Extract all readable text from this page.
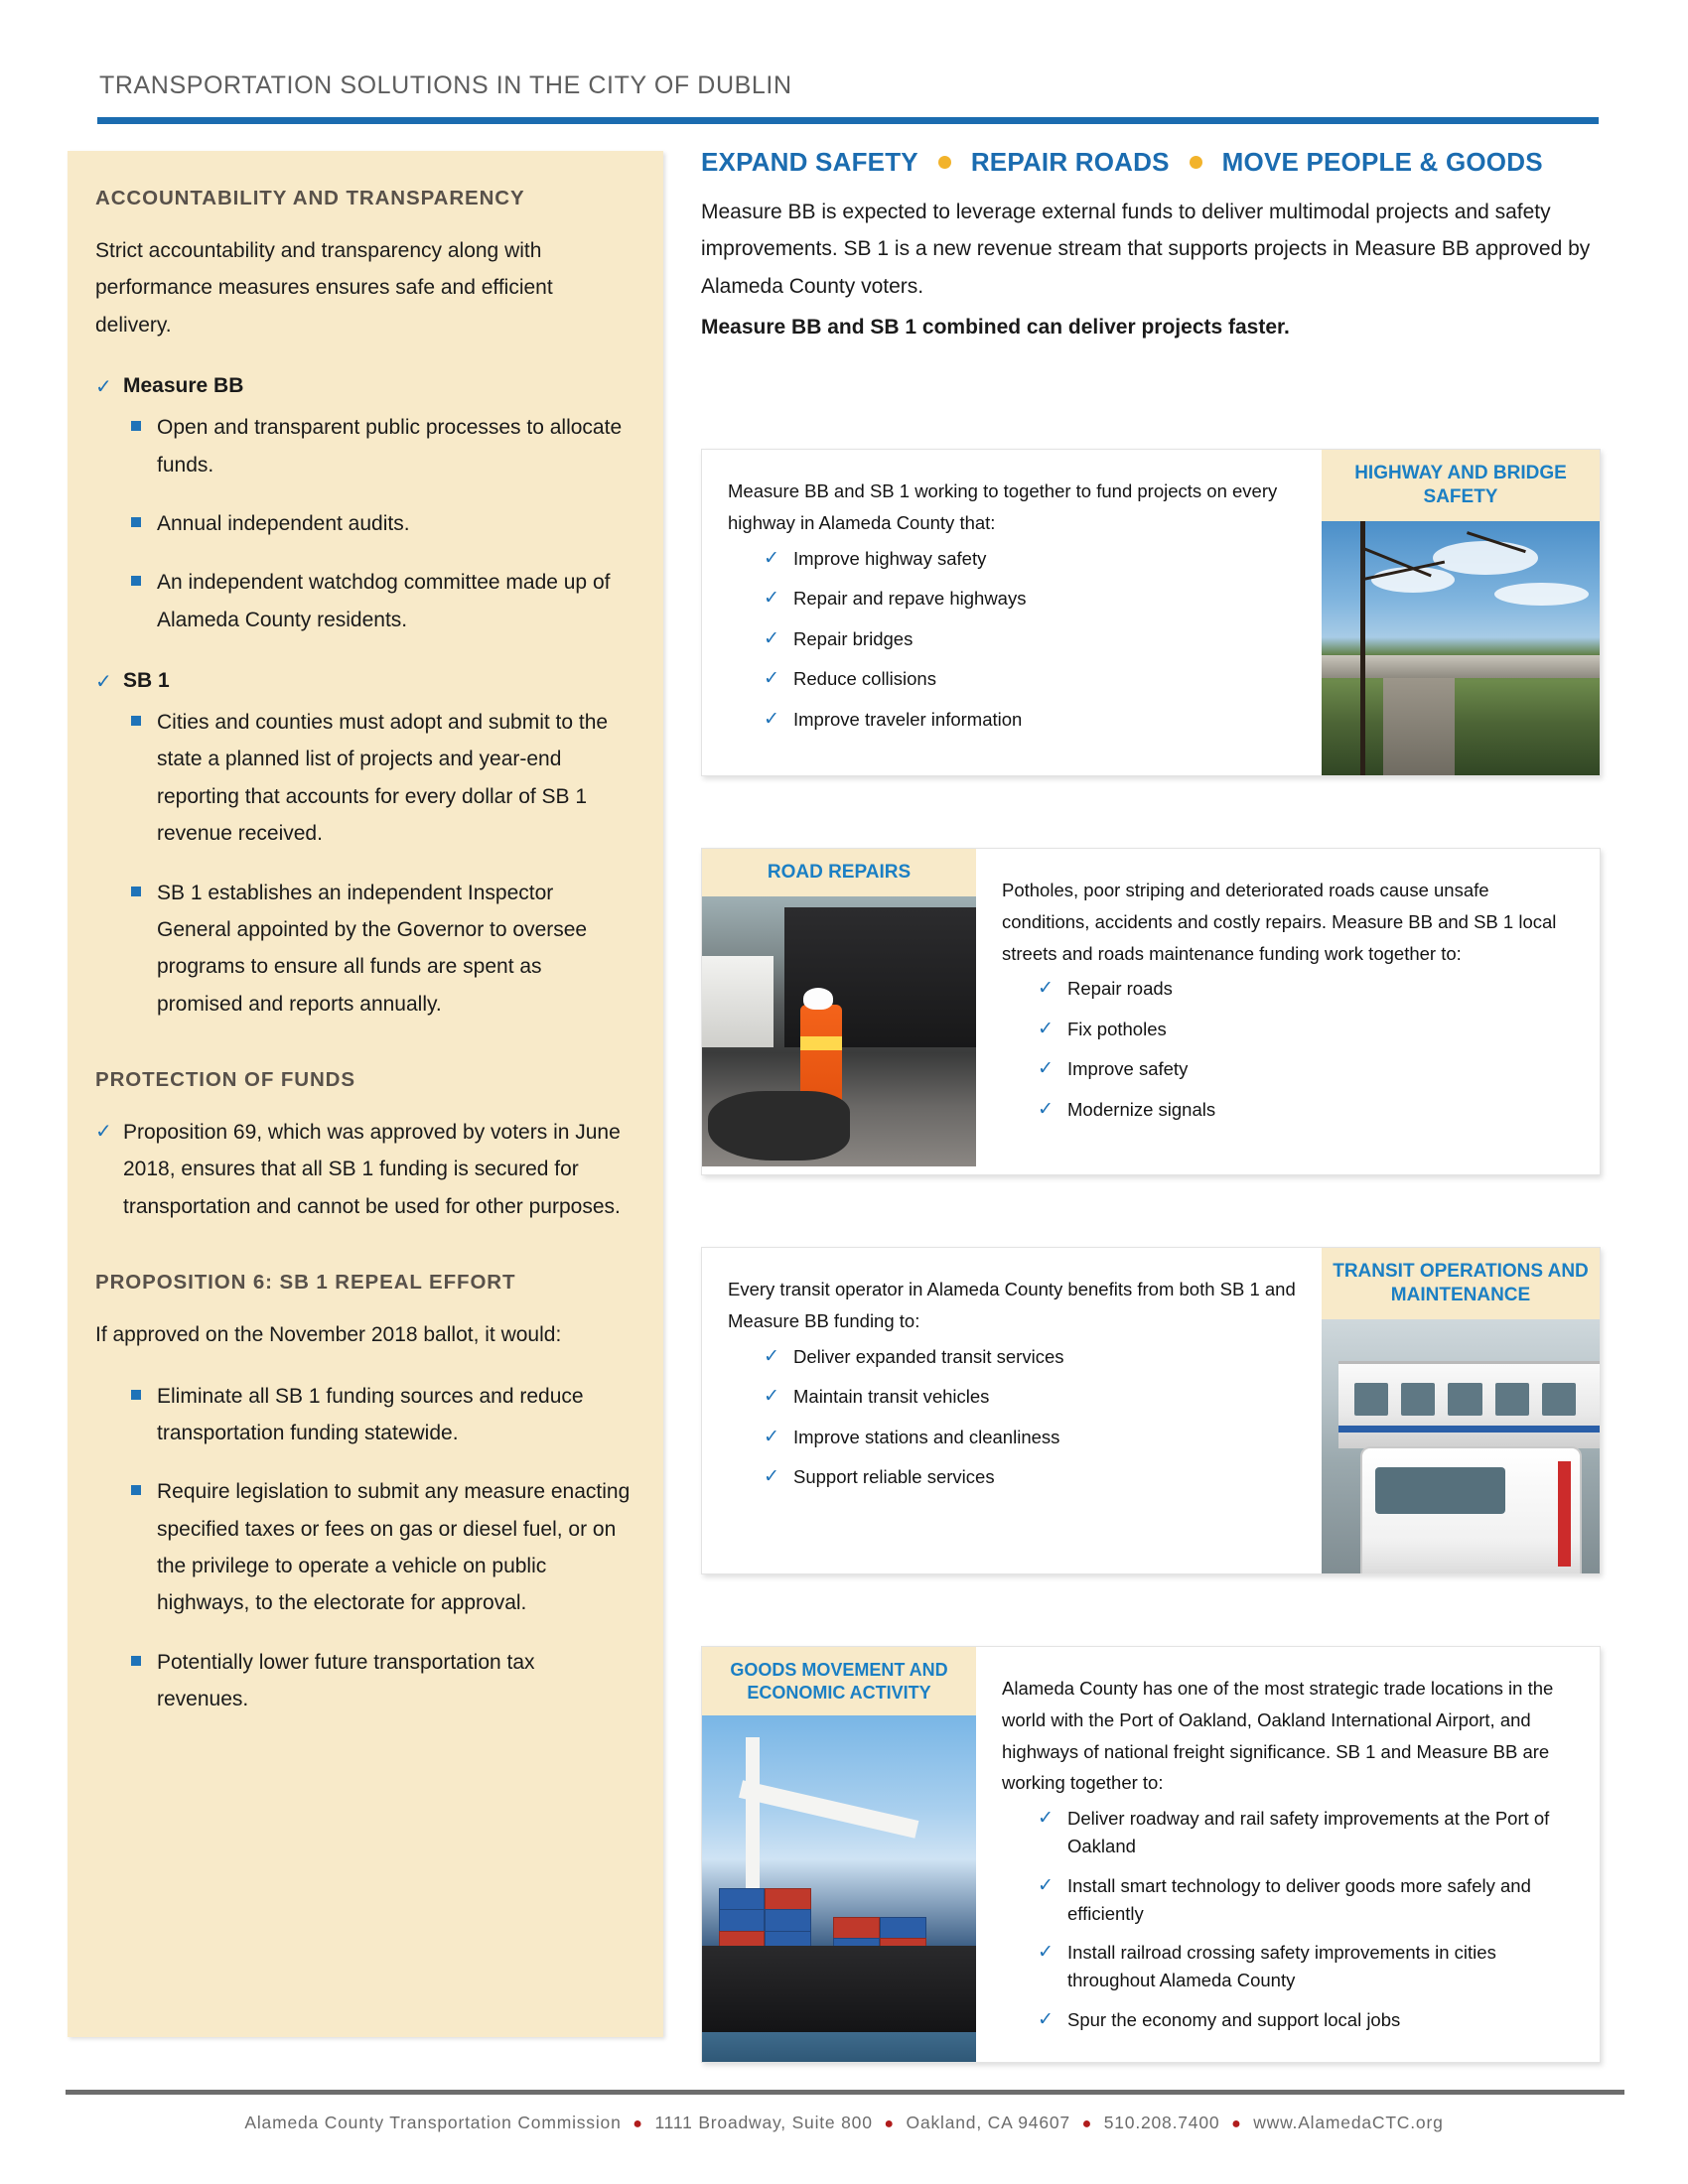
TRANSPORTATION SOLUTIONS IN THE CITY OF DUBLIN
ACCOUNTABILITY AND TRANSPARENCY

Strict accountability and transparency along with performance measures ensures safe and efficient delivery.

✓ Measure BB
Open and transparent public processes to allocate funds.
Annual independent audits.
An independent watchdog committee made up of Alameda County residents.
✓ SB 1
Cities and counties must adopt and submit to the state a planned list of projects and year-end reporting that accounts for every dollar of SB 1 revenue received.
SB 1 establishes an independent Inspector General appointed by the Governor to oversee programs to ensure all funds are spent as promised and reports annually.
PROTECTION OF FUNDS
✓ Proposition 69, which was approved by voters in June 2018, ensures that all SB 1 funding is secured for transportation and cannot be used for other purposes.
PROPOSITION 6: SB 1 REPEAL EFFORT

If approved on the November 2018 ballot, it would:

Eliminate all SB 1 funding sources and reduce transportation funding statewide.
Require legislation to submit any measure enacting specified taxes or fees on gas or diesel fuel, or on the privilege to operate a vehicle on public highways, to the electorate for approval.
Potentially lower future transportation tax revenues.
EXPAND SAFETY REPAIR ROADS MOVE PEOPLE & GOODS

Measure BB is expected to leverage external funds to deliver multimodal projects and safety improvements. SB 1 is a new revenue stream that supports projects in Measure BB approved by Alameda County voters.
Measure BB and SB 1 combined can deliver projects faster.

Measure BB and SB 1 working to together to fund projects on every highway in Alameda County that:

✓ Improve highway safety
✓ Repair and repave highways
✓ Repair bridges
✓ Reduce collisions
✓ Improve traveler information
HIGHWAY AND BRIDGE SAFETY
ROAD REPAIRS

Potholes, poor striping and deteriorated roads cause unsafe conditions, accidents and costly repairs. Measure BB and SB 1 local streets and roads maintenance funding work together to:

✓ Repair roads
✓ Fix potholes
✓ Improve safety
✓ Modernize signals

Every transit operator in Alameda County benefits from both SB 1 and Measure BB funding to:

✓ Deliver expanded transit services
✓ Maintain transit vehicles
✓ Improve stations and cleanliness
✓ Support reliable services
TRANSIT OPERATIONS AND MAINTENANCE
GOODS MOVEMENT AND ECONOMIC ACTIVITY	Alameda County has one of the most strategic trade locations in the world with the Port of Oakland, Oakland International Airport, and highways of national freight significance. SB 1 and Measure BB are working together to:

✓ Deliver roadway and rail safety improvements at the Port of Oakland
✓ Install smart technology to deliver goods more safely and efficiently
✓ Install railroad crossing safety improvements in cities throughout Alameda County
✓ Spur the economy and support local jobs
Alameda County Transportation Commission ● 1111 Broadway, Suite 800 ● Oakland, CA 94607 ● 510.208.7400 ● www.AlamedaCTC.org
